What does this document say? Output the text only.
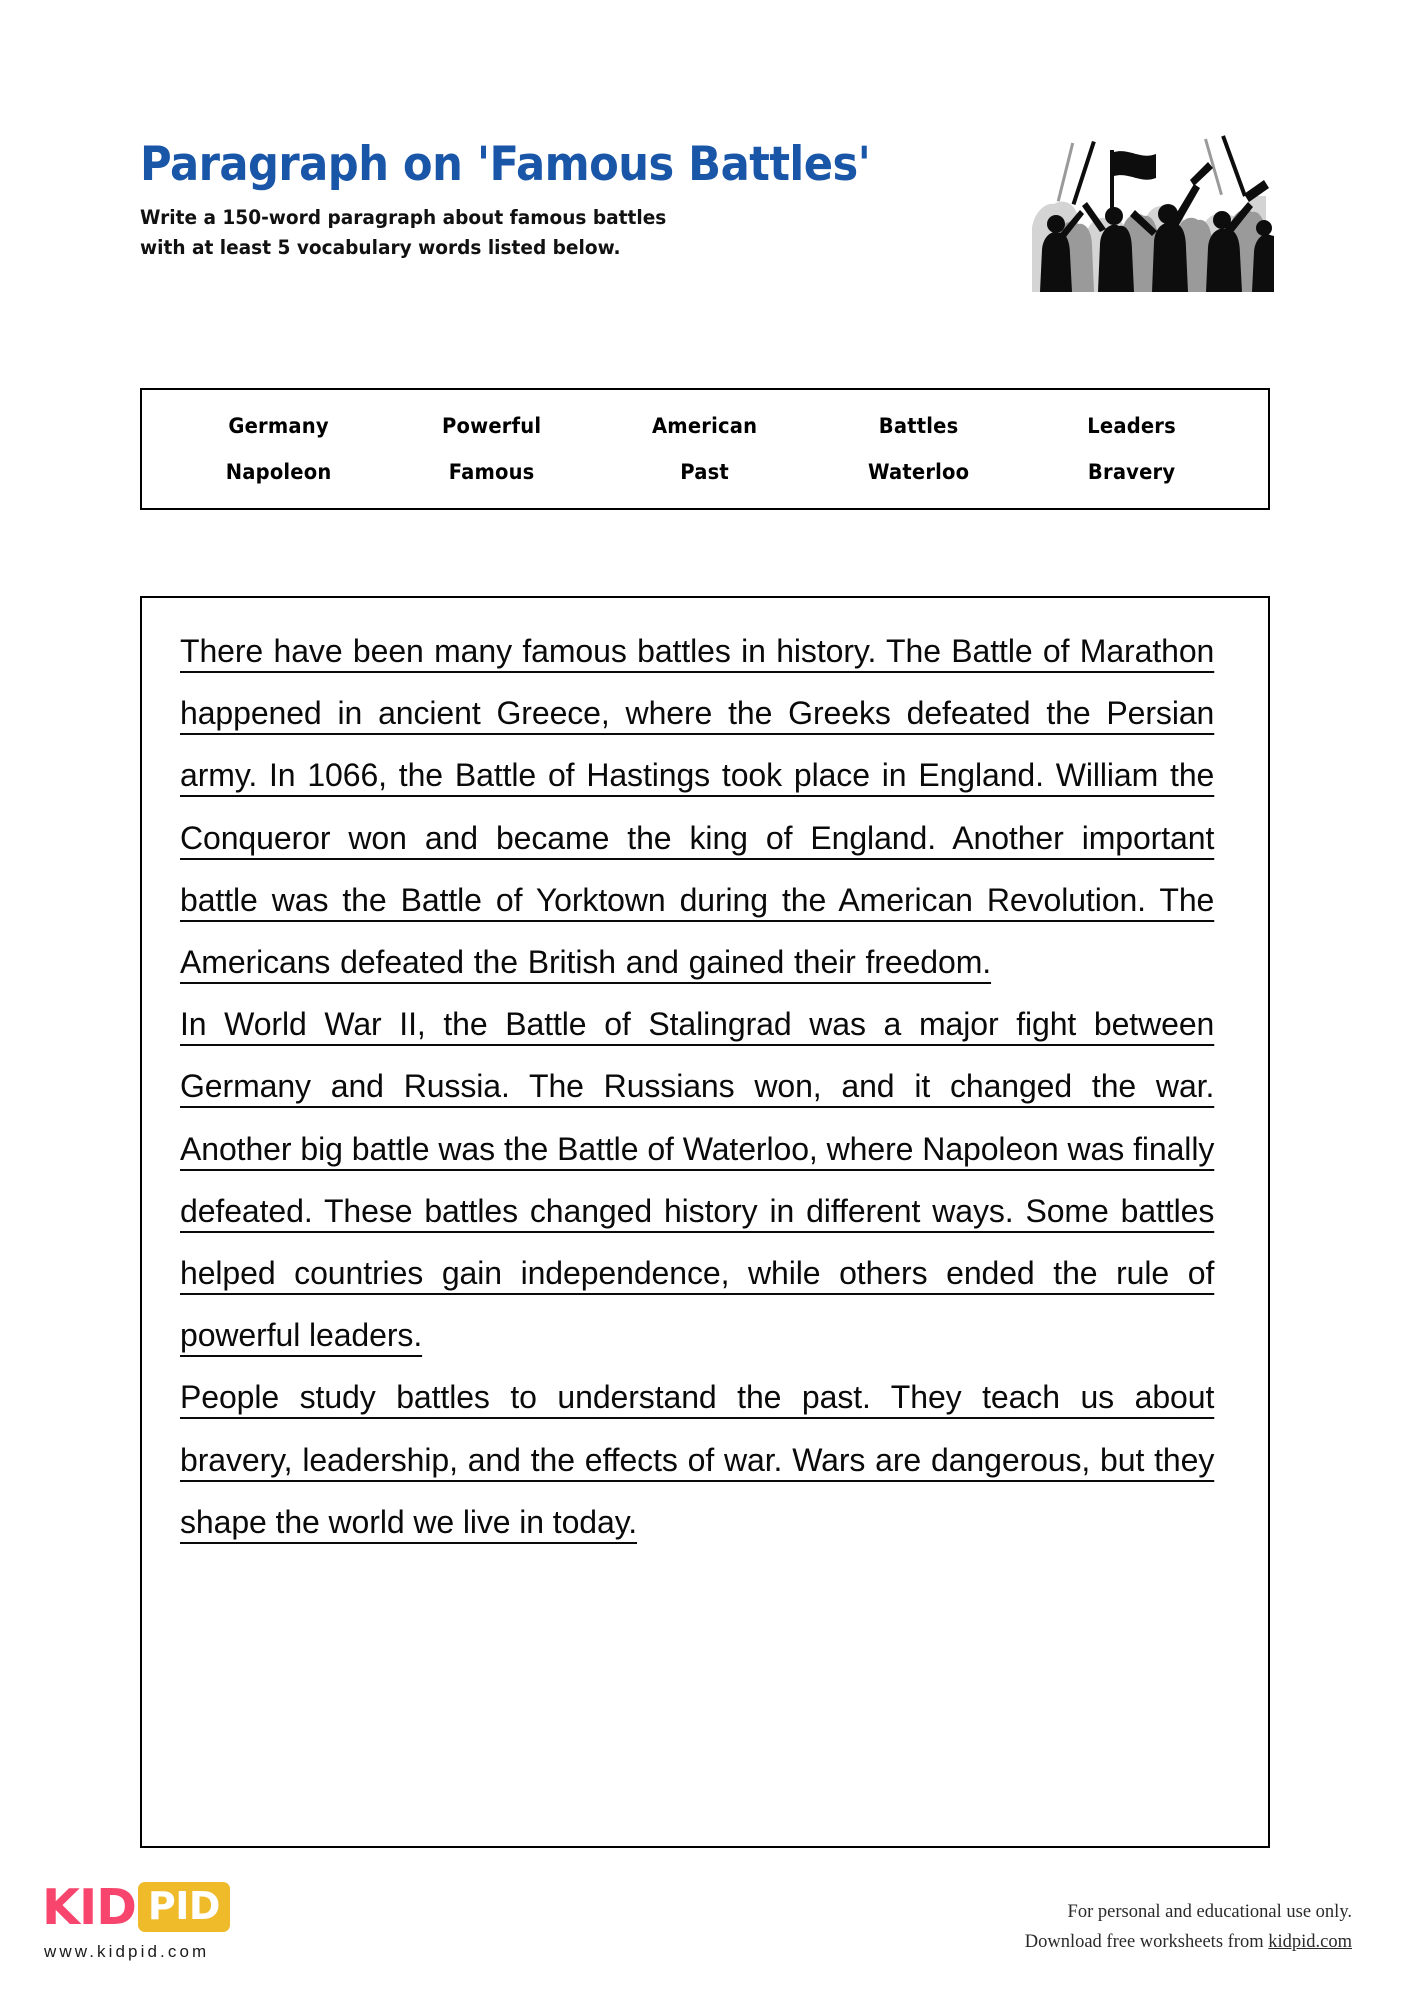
Paragraph on 'Famous Battles'
Write a 150-word paragraph about famous battles with at least 5 vocabulary words listed below.
Germany	Powerful	American	Battles	Leaders
Napoleon	Famous	Past	Waterloo	Bravery

There have been many famous battles in history. The Battle of Marathon happened in ancient Greece, where the Greeks defeated the Persian army. In 1066, the Battle of Hastings took place in England. William the Conqueror won and became the king of England. Another important battle was the Battle of Yorktown during the American Revolution. The Americans defeated the British and gained their freedom.

In World War II, the Battle of Stalingrad was a major fight between Germany and Russia. The Russians won, and it changed the war. Another big battle was the Battle of Waterloo, where Napoleon was finally defeated. These battles changed history in different ways. Some battles helped countries gain independence, while others ended the rule of powerful leaders.

People study battles to understand the past. They teach us about bravery, leadership, and the effects of war. Wars are dangerous, but they shape the world we live in today.

KID PID
www.kidpid.com
For personal and educational use only.
Download free worksheets from kidpid.com
